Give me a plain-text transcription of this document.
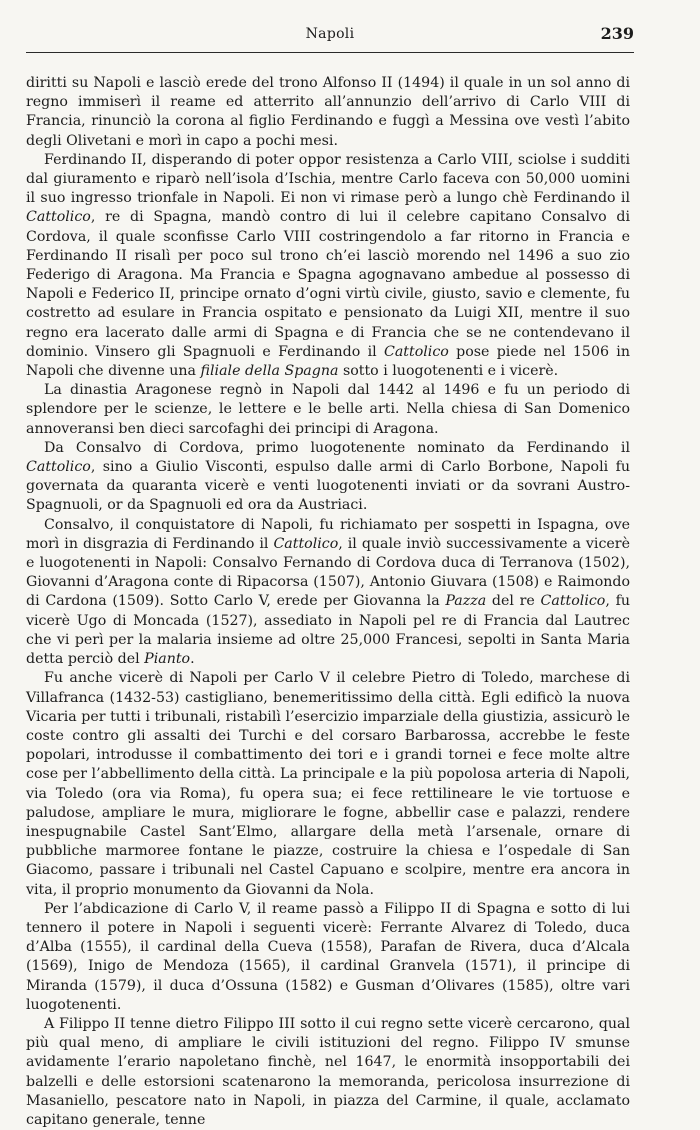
Napoli	239

diritti su Napoli e lasciò erede del trono Alfonso II (1494) il quale in un sol anno di regno immiserì il reame ed atterrito all’annunzio dell’arrivo di Carlo VIII di Francia, rinunciò la corona al figlio Ferdinando e fuggì a Messina ove vestì l’abito degli Olivetani e morì in capo a pochi mesi.

Ferdinando II, disperando di poter oppor resistenza a Carlo VIII, sciolse i sudditi dal giuramento e riparò nell’isola d’Ischia, mentre Carlo faceva con 50,000 uomini il suo ingresso trionfale in Napoli. Ei non vi rimase però a lungo chè Ferdinando il Cattolico, re di Spagna, mandò contro di lui il celebre capitano Consalvo di Cordova, il quale sconfisse Carlo VIII costringendolo a far ritorno in Francia e Ferdinando II risalì per poco sul trono ch’ei lasciò morendo nel 1496 a suo zio Federigo di Aragona. Ma Francia e Spagna agognavano ambedue al possesso di Napoli e Federico II, principe ornato d’ogni virtù civile, giusto, savio e clemente, fu costretto ad esulare in Francia ospitato e pensionato da Luigi XII, mentre il suo regno era lacerato dalle armi di Spagna e di Francia che se ne contendevano il dominio. Vinsero gli Spagnuoli e Ferdinando il Cattolico pose piede nel 1506 in Napoli che divenne una filiale della Spagna sotto i luogotenenti e i vicerè.

La dinastia Aragonese regnò in Napoli dal 1442 al 1496 e fu un periodo di splendore per le scienze, le lettere e le belle arti. Nella chiesa di San Domenico annoveransi ben dieci sarcofaghi dei principi di Aragona.

Da Consalvo di Cordova, primo luogotenente nominato da Ferdinando il Cattolico, sino a Giulio Visconti, espulso dalle armi di Carlo Borbone, Napoli fu governata da quaranta vicerè e venti luogotenenti inviati or da sovrani Austro-Spagnuoli, or da Spagnuoli ed ora da Austriaci.

Consalvo, il conquistatore di Napoli, fu richiamato per sospetti in Ispagna, ove morì in disgrazia di Ferdinando il Cattolico, il quale inviò successivamente a vicerè e luogotenenti in Napoli: Consalvo Fernando di Cordova duca di Terranova (1502), Giovanni d’Aragona conte di Ripacorsa (1507), Antonio Giuvara (1508) e Raimondo di Cardona (1509). Sotto Carlo V, erede per Giovanna la Pazza del re Cattolico, fu vicerè Ugo di Moncada (1527), assediato in Napoli pel re di Francia dal Lautrec che vi perì per la malaria insieme ad oltre 25,000 Francesi, sepolti in Santa Maria detta perciò del Pianto.

Fu anche vicerè di Napoli per Carlo V il celebre Pietro di Toledo, marchese di Villafranca (1432-53) castigliano, benemeritissimo della città. Egli edificò la nuova Vicaria per tutti i tribunali, ristabilì l’esercizio imparziale della giustizia, assicurò le coste contro gli assalti dei Turchi e del corsaro Barbarossa, accrebbe le feste popolari, introdusse il combattimento dei tori e i grandi tornei e fece molte altre cose per l’abbellimento della città. La principale e la più popolosa arteria di Napoli, via Toledo (ora via Roma), fu opera sua; ei fece rettilineare le vie tortuose e paludose, ampliare le mura, migliorare le fogne, abbellir case e palazzi, rendere inespugnabile Castel Sant’Elmo, allargare della metà l’arsenale, ornare di pubbliche marmoree fontane le piazze, costruire la chiesa e l’ospedale di San Giacomo, passare i tribunali nel Castel Capuano e scolpire, mentre era ancora in vita, il proprio monumento da Giovanni da Nola.

Per l’abdicazione di Carlo V, il reame passò a Filippo II di Spagna e sotto di lui tennero il potere in Napoli i seguenti vicerè: Ferrante Alvarez di Toledo, duca d’Alba (1555), il cardinal della Cueva (1558), Parafan de Rivera, duca d’Alcala (1569), Inigo de Mendoza (1565), il cardinal Granvela (1571), il principe di Miranda (1579), il duca d’Ossuna (1582) e Gusman d’Olivares (1585), oltre vari luogotenenti.

A Filippo II tenne dietro Filippo III sotto il cui regno sette vicerè cercarono, qual più qual meno, di ampliare le civili istituzioni del regno. Filippo IV smunse avidamente l’erario napoletano finchè, nel 1647, le enormità insopportabili dei balzelli e delle estorsioni scatenarono la memoranda, pericolosa insurrezione di Masaniello, pescatore nato in Napoli, in piazza del Carmine, il quale, acclamato capitano generale, tenne
